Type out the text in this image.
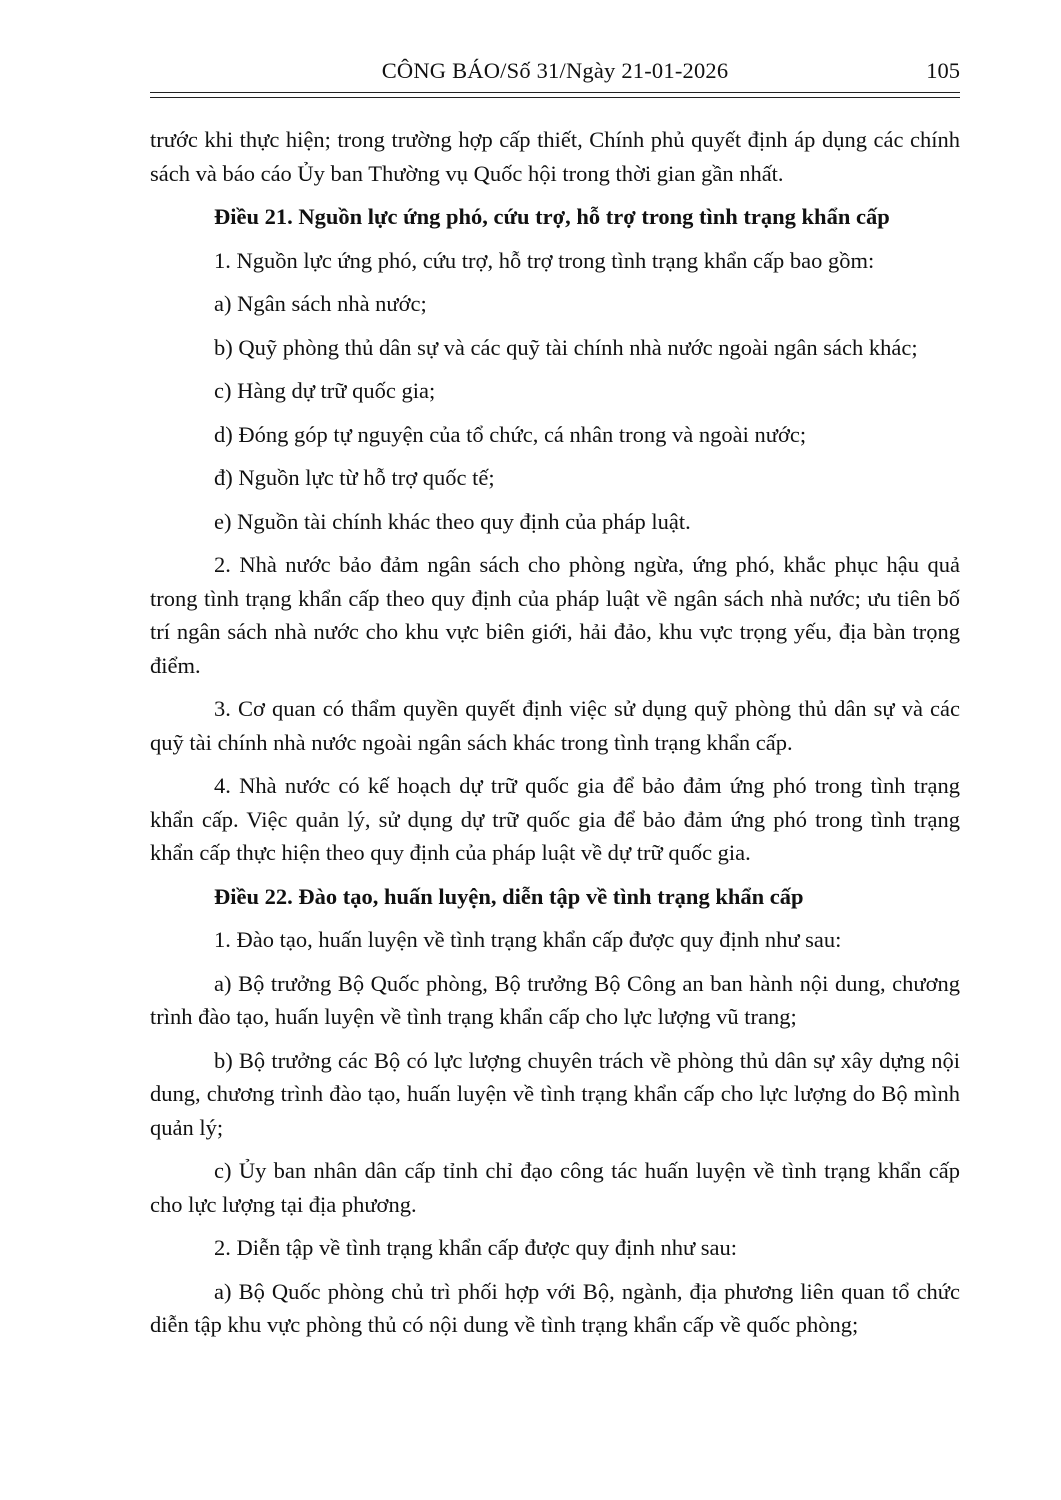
CÔNG BÁO/Số 31/Ngày 21-01-2026	105

trước khi thực hiện; trong trường hợp cấp thiết, Chính phủ quyết định áp dụng các chính sách và báo cáo Ủy ban Thường vụ Quốc hội trong thời gian gần nhất.

Điều 21. Nguồn lực ứng phó, cứu trợ, hỗ trợ trong tình trạng khẩn cấp

1. Nguồn lực ứng phó, cứu trợ, hỗ trợ trong tình trạng khẩn cấp bao gồm:

a) Ngân sách nhà nước;

b) Quỹ phòng thủ dân sự và các quỹ tài chính nhà nước ngoài ngân sách khác;

c) Hàng dự trữ quốc gia;

d) Đóng góp tự nguyện của tổ chức, cá nhân trong và ngoài nước;

đ) Nguồn lực từ hỗ trợ quốc tế;

e) Nguồn tài chính khác theo quy định của pháp luật.

2. Nhà nước bảo đảm ngân sách cho phòng ngừa, ứng phó, khắc phục hậu quả trong tình trạng khẩn cấp theo quy định của pháp luật về ngân sách nhà nước; ưu tiên bố trí ngân sách nhà nước cho khu vực biên giới, hải đảo, khu vực trọng yếu, địa bàn trọng điểm.

3. Cơ quan có thẩm quyền quyết định việc sử dụng quỹ phòng thủ dân sự và các quỹ tài chính nhà nước ngoài ngân sách khác trong tình trạng khẩn cấp.

4. Nhà nước có kế hoạch dự trữ quốc gia để bảo đảm ứng phó trong tình trạng khẩn cấp. Việc quản lý, sử dụng dự trữ quốc gia để bảo đảm ứng phó trong tình trạng khẩn cấp thực hiện theo quy định của pháp luật về dự trữ quốc gia.

Điều 22. Đào tạo, huấn luyện, diễn tập về tình trạng khẩn cấp

1. Đào tạo, huấn luyện về tình trạng khẩn cấp được quy định như sau:

a) Bộ trưởng Bộ Quốc phòng, Bộ trưởng Bộ Công an ban hành nội dung, chương trình đào tạo, huấn luyện về tình trạng khẩn cấp cho lực lượng vũ trang;

b) Bộ trưởng các Bộ có lực lượng chuyên trách về phòng thủ dân sự xây dựng nội dung, chương trình đào tạo, huấn luyện về tình trạng khẩn cấp cho lực lượng do Bộ mình quản lý;

c) Ủy ban nhân dân cấp tỉnh chỉ đạo công tác huấn luyện về tình trạng khẩn cấp cho lực lượng tại địa phương.

2. Diễn tập về tình trạng khẩn cấp được quy định như sau:

a) Bộ Quốc phòng chủ trì phối hợp với Bộ, ngành, địa phương liên quan tổ chức diễn tập khu vực phòng thủ có nội dung về tình trạng khẩn cấp về quốc phòng;
